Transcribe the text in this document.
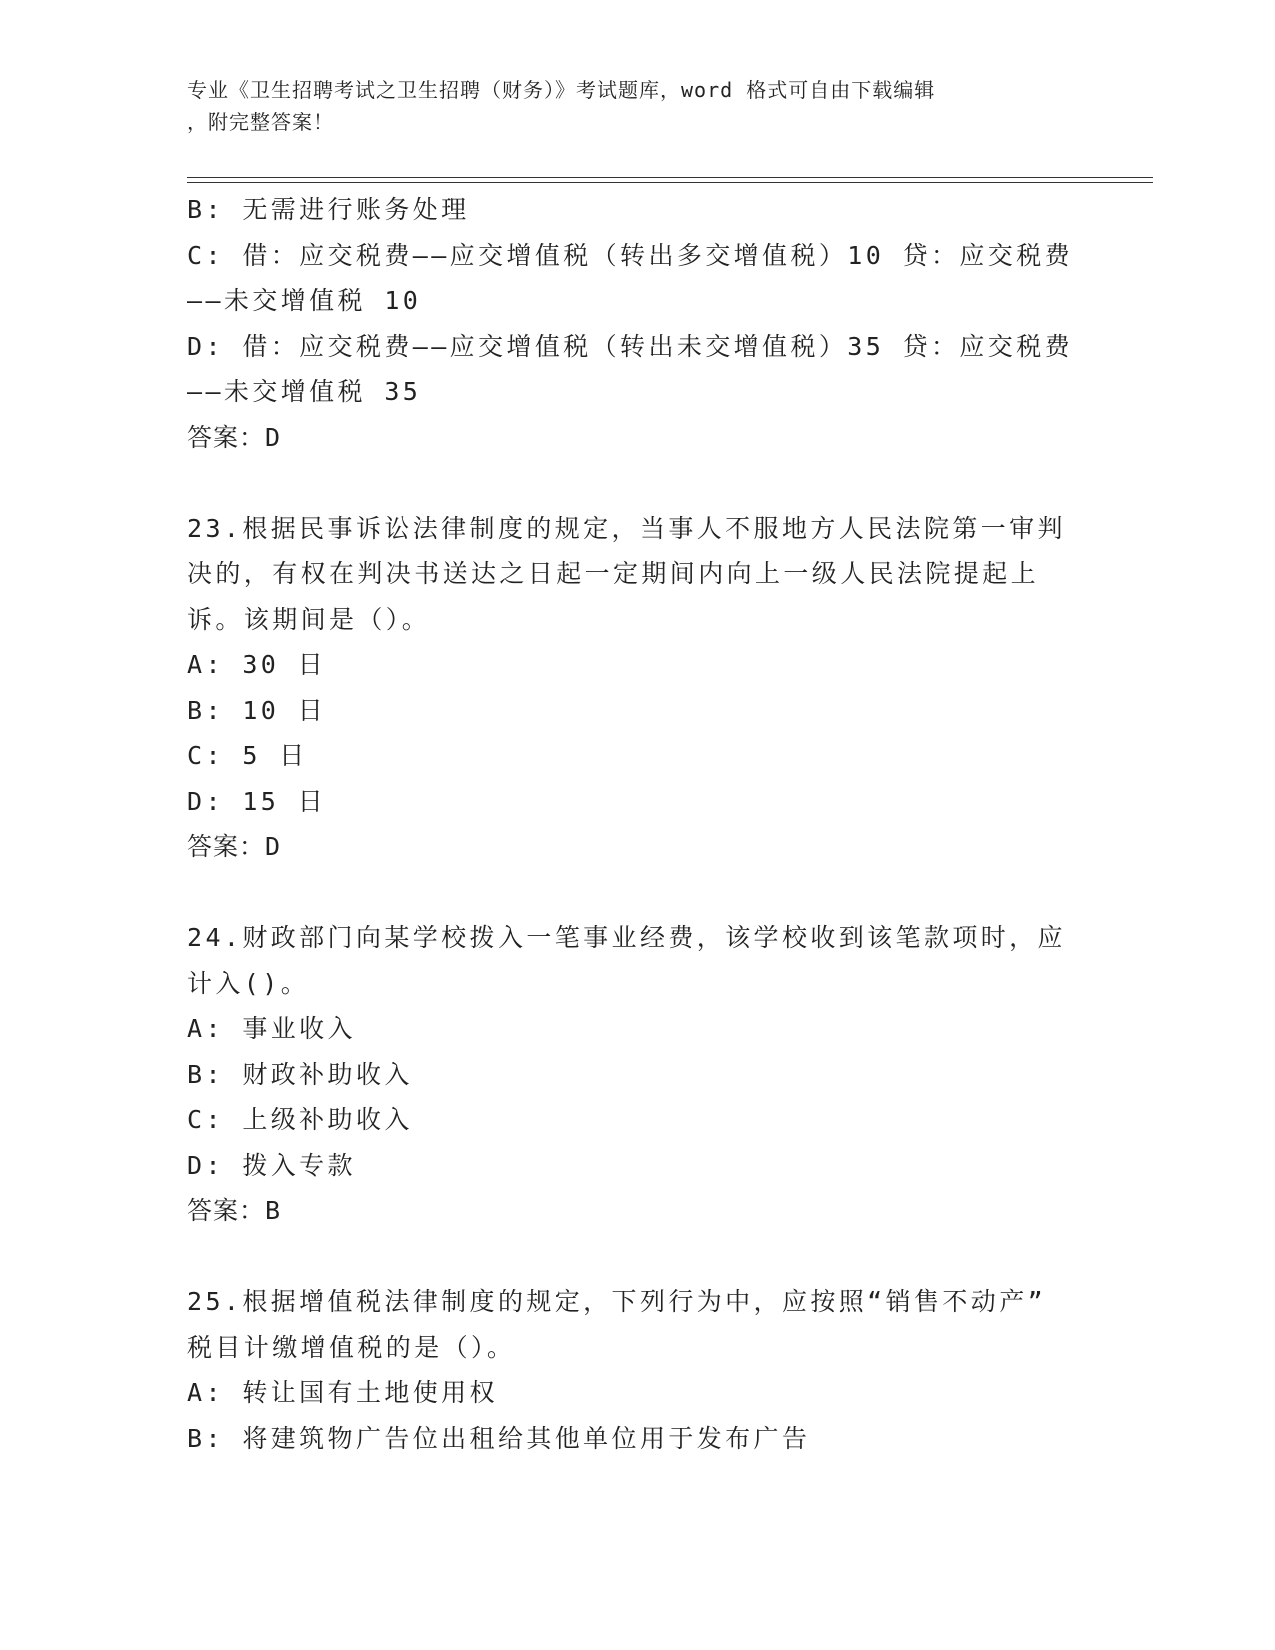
专业《卫生招聘考试之卫生招聘（财务）》考试题库，word 格式可自由下载编辑
，附完整答案！
B: 无需进行账务处理
C: 借：应交税费——应交增值税（转出多交增值税）10 贷：应交税费
——未交增值税 10
D: 借：应交税费——应交增值税（转出未交增值税）35 贷：应交税费
——未交增值税 35
答案：D
23.根据民事诉讼法律制度的规定，当事人不服地方人民法院第一审判
决的，有权在判决书送达之日起一定期间内向上一级人民法院提起上
诉。该期间是（）。
A: 30 日
B: 10 日
C: 5 日
D: 15 日
答案：D
24.财政部门向某学校拨入一笔事业经费，该学校收到该笔款项时，应
计入()。
A: 事业收入
B: 财政补助收入
C: 上级补助收入
D: 拨入专款
答案：B
25.根据增值税法律制度的规定，下列行为中，应按照“销售不动产”
税目计缴增值税的是（）。
A: 转让国有土地使用权
B: 将建筑物广告位出租给其他单位用于发布广告
